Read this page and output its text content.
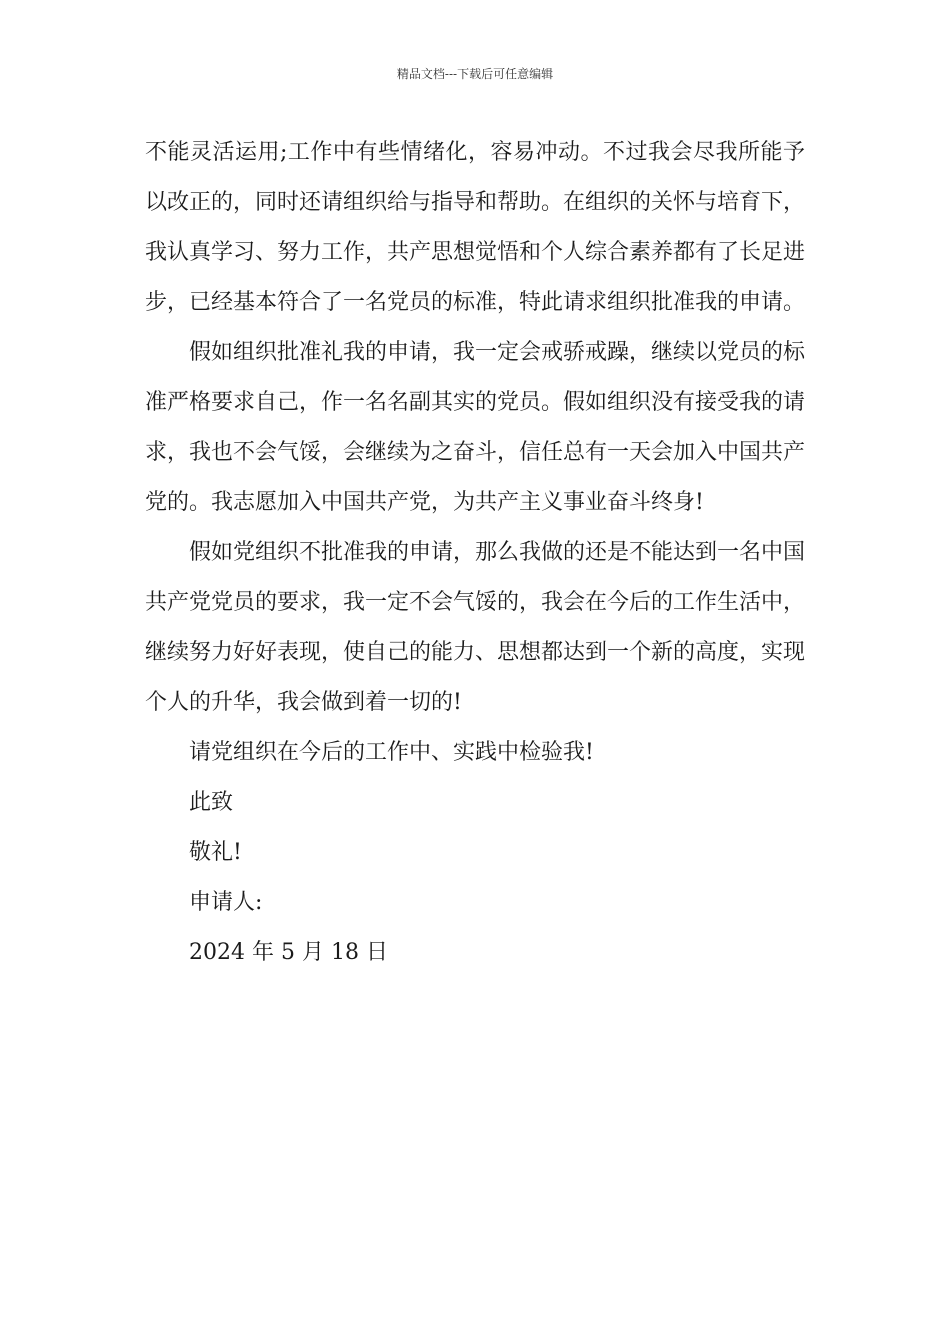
精品文档---下载后可任意编辑

不能灵活运用;工作中有些情绪化，容易冲动。不过我会尽我所能予以改正的，同时还请组织给与指导和帮助。在组织的关怀与培育下，我认真学习、努力工作，共产思想觉悟和个人综合素养都有了长足进步，已经基本符合了一名党员的标准，特此请求组织批准我的申请。

假如组织批准礼我的申请，我一定会戒骄戒躁，继续以党员的标准严格要求自己，作一名名副其实的党员。假如组织没有接受我的请求，我也不会气馁，会继续为之奋斗，信任总有一天会加入中国共产党的。我志愿加入中国共产党，为共产主义事业奋斗终身!

假如党组织不批准我的申请，那么我做的还是不能达到一名中国共产党党员的要求，我一定不会气馁的，我会在今后的工作生活中，继续努力好好表现，使自己的能力、思想都达到一个新的高度，实现个人的升华，我会做到着一切的!

请党组织在今后的工作中、实践中检验我!

此致

敬礼!

申请人:

2024 年 5 月 18 日
